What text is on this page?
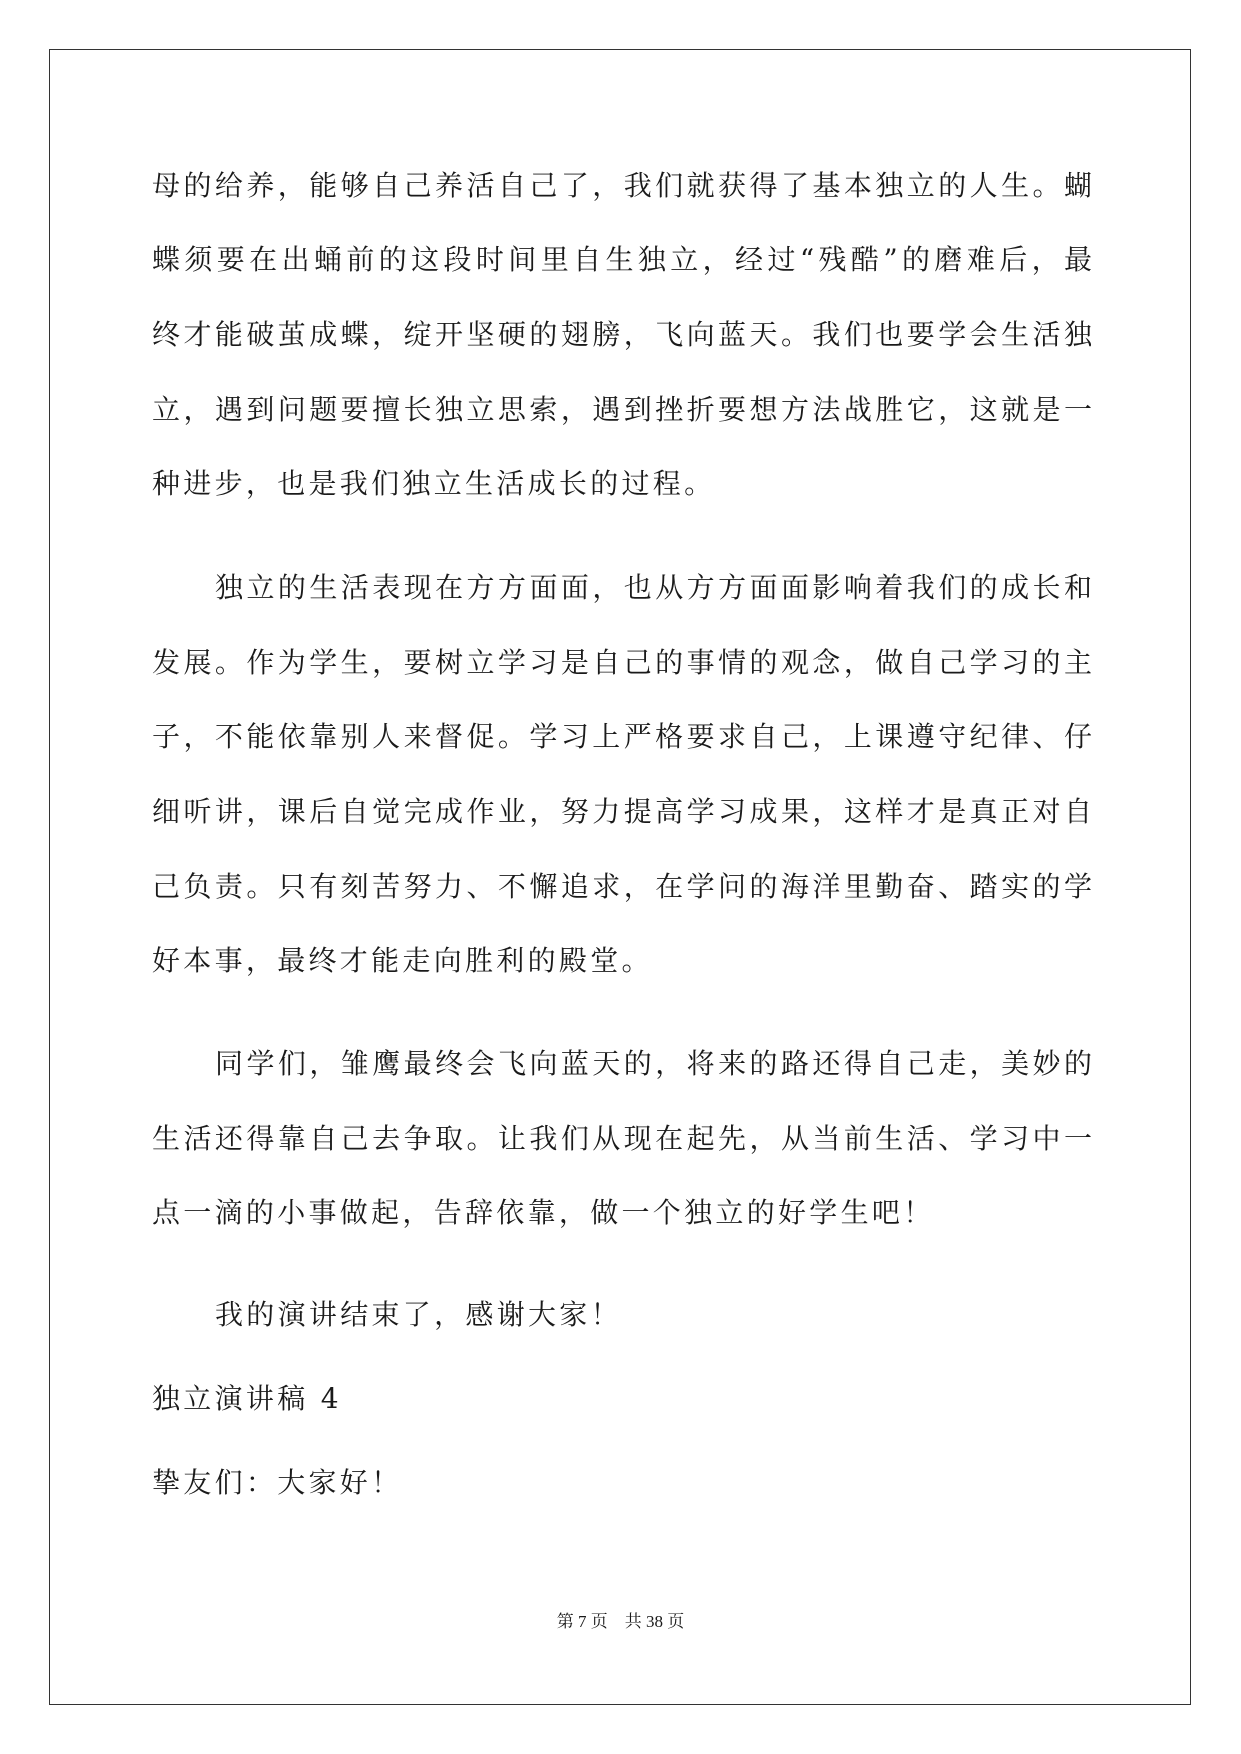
母的给养，能够自己养活自己了，我们就获得了基本独立的人生。蝴
蝶须要在出蛹前的这段时间里自生独立，经过“残酷”的磨难后，最
终才能破茧成蝶，绽开坚硬的翅膀，飞向蓝天。我们也要学会生活独
立，遇到问题要擅长独立思索，遇到挫折要想方法战胜它，这就是一
种进步，也是我们独立生活成长的过程。
独立的生活表现在方方面面，也从方方面面影响着我们的成长和
发展。作为学生，要树立学习是自己的事情的观念，做自己学习的主
子，不能依靠别人来督促。学习上严格要求自己，上课遵守纪律、仔
细听讲，课后自觉完成作业，努力提高学习成果，这样才是真正对自
己负责。只有刻苦努力、不懈追求，在学问的海洋里勤奋、踏实的学
好本事，最终才能走向胜利的殿堂。
同学们，雏鹰最终会飞向蓝天的，将来的路还得自己走，美妙的
生活还得靠自己去争取。让我们从现在起先，从当前生活、学习中一
点一滴的小事做起，告辞依靠，做一个独立的好学生吧！
我的演讲结束了，感谢大家！
独立演讲稿 4
挚友们：大家好！
第 7 页    共 38 页
